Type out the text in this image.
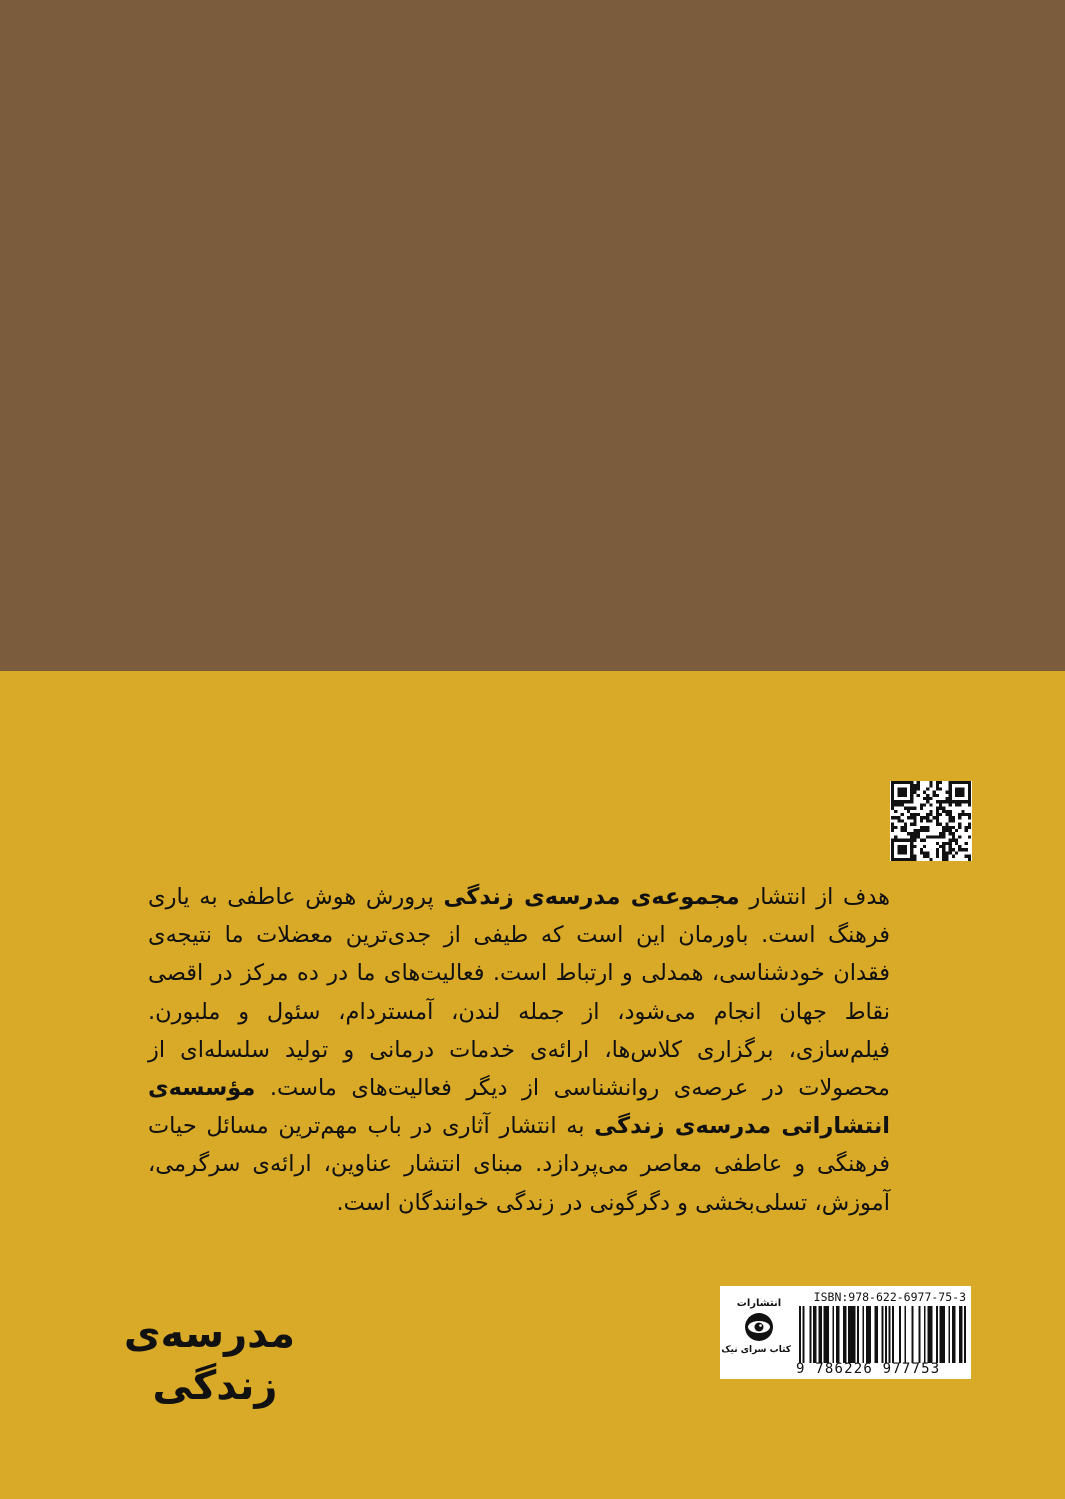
هدف از انتشار مجموعه‌ی مدرسه‌ی زندگی پرورش هوش عاطفی به یاری فرهنگ است. باورمان این است که طیفی از جدی‌ترین معضلات ما نتیجه‌ی فقدان خودشناسی، همدلی و ارتباط است. فعالیت‌های ما در ده مرکز در اقصی نقاط جهان انجام می‌شود، از جمله لندن، آمستردام، سئول و ملبورن. فیلم‌سازی، برگزاری کلاس‌ها، ارائه‌ی خدمات درمانی و تولید سلسله‌ای از محصولات در عرصه‌ی روانشناسی از دیگر فعالیت‌های ماست. مؤسسه‌ی انتشاراتی مدرسه‌ی زندگی به انتشار آثاری در باب مهم‌ترین مسائل حیات فرهنگی و عاطفی معاصر می‌پردازد. مبنای انتشار عناوین، ارائه‌ی سرگرمی، آموزش، تسلی‌بخشی و دگرگونی در زندگی خوانندگان است.

مدرسه‌ی
زندگی
انتشارات
کتاب سرای نیک
ISBN:978-622-6977-75-3
9 786226 977753
